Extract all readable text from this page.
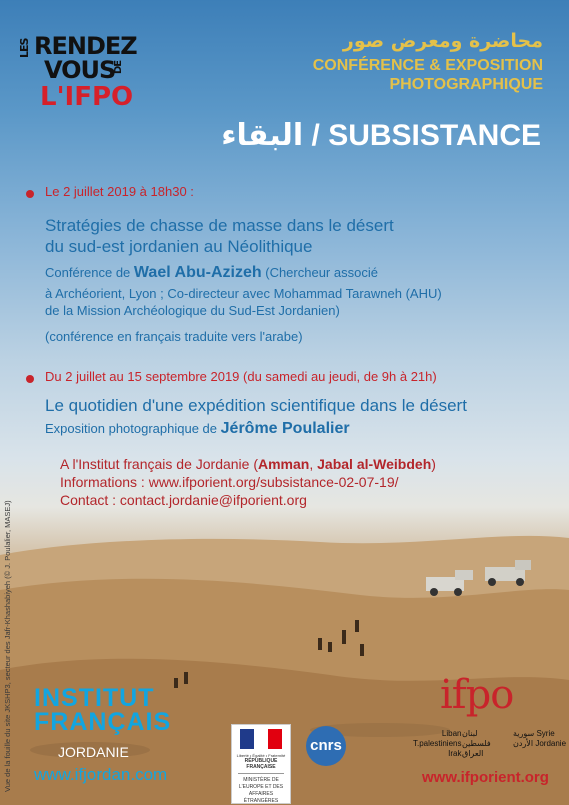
LES RENDEZ
VOUS
DE
L'IFPO
محاضرة ومعرض صور
CONFÉRENCE & EXPOSITION
PHOTOGRAPHIQUE
البقاء / SUBSISTANCE
Le 2 juillet 2019 à 18h30 :
Stratégies de chasse de masse dans le désert
du sud-est jordanien au Néolithique
Conférence de Wael Abu-Azizeh (Chercheur associé
à Archéorient, Lyon ; Co-directeur avec Mohammad Tarawneh (AHU)
de la Mission Archéologique du Sud-Est Jordanien)
(conférence en français traduite vers l'arabe)
Du 2 juillet au 15 septembre 2019 (du samedi au jeudi, de 9h à 21h)
Le quotidien d'une expédition scientifique dans le désert
Exposition photographique de Jérôme Poulalier
A l'Institut français de Jordanie (Amman, Jabal al-Weibdeh)
Informations : www.ifporient.org/subsistance-02-07-19/
Contact : contact.jordanie@ifporient.org
Vue de la fouille du site JKSHP3, secteur des Jafr-Khashabiyeh (© J. Poulalier, MASEJ) INSTITUT
FRANÇAIS
JORDANIE
www.ifjordan.com
Liberté • Égalité • Fraternité
RÉPUBLIQUE FRANÇAISE
MINISTÈRE DE L'EUROPE ET DES AFFAIRES ÉTRANGÈRES
cnrs
ifpo
Liban
T.palestiniens
Irak
لبنان
فلسطين
العراق
سورية Syrie
الأردن Jordanie
www.ifporient.org
